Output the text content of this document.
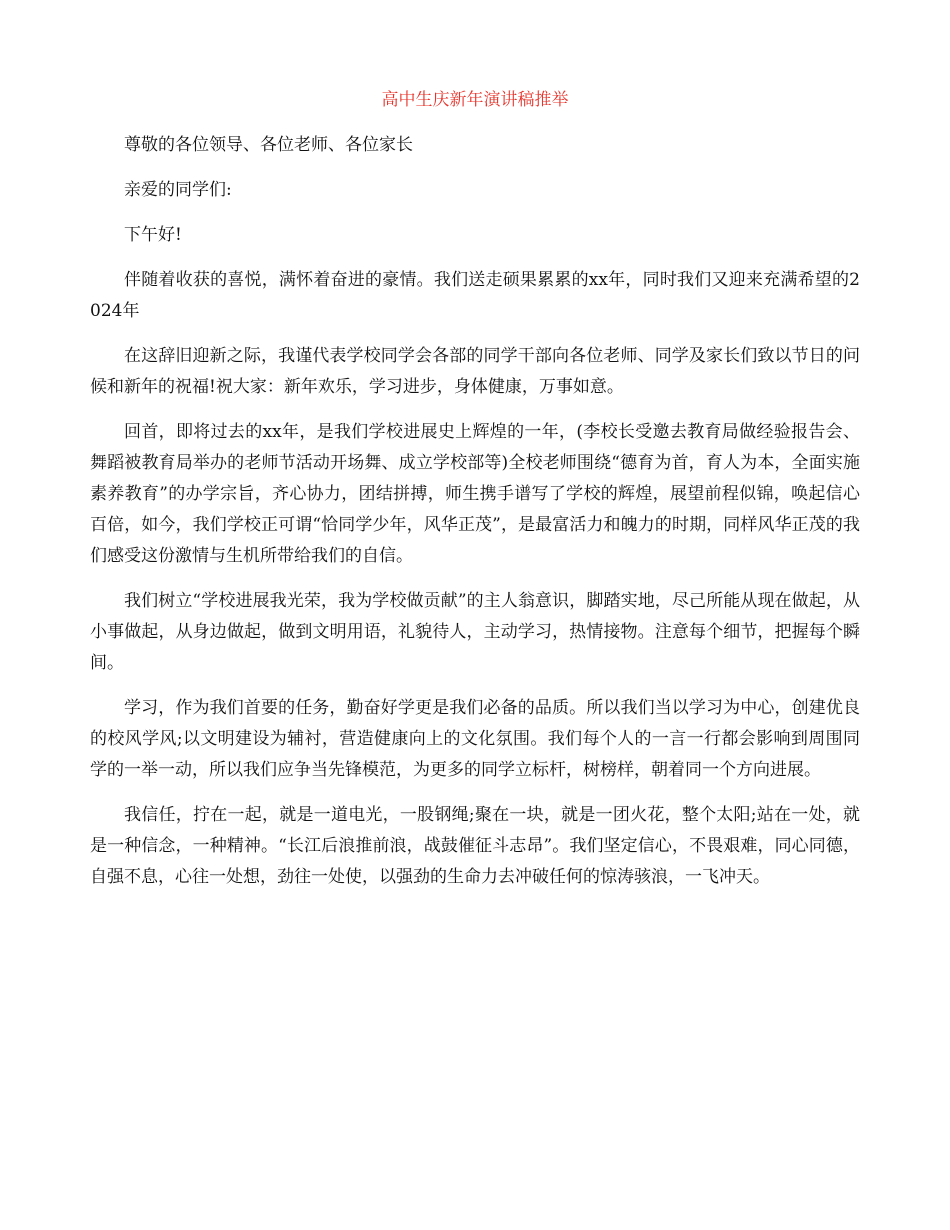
高中生庆新年演讲稿推举

尊敬的各位领导、各位老师、各位家长

亲爱的同学们:

下午好!

伴随着收获的喜悦，满怀着奋进的豪情。我们送走硕果累累的xx年，同时我们又迎来充满希望的2024年

在这辞旧迎新之际，我谨代表学校同学会各部的同学干部向各位老师、同学及家长们致以节日的问候和新年的祝福!祝大家：新年欢乐，学习进步，身体健康，万事如意。

回首，即将过去的xx年，是我们学校进展史上辉煌的一年，(李校长受邀去教育局做经验报告会、舞蹈被教育局举办的老师节活动开场舞、成立学校部等)全校老师围绕“德育为首，育人为本，全面实施素养教育”的办学宗旨，齐心协力，团结拼搏，师生携手谱写了学校的辉煌，展望前程似锦，唤起信心百倍，如今，我们学校正可谓“恰同学少年，风华正茂”，是最富活力和魄力的时期，同样风华正茂的我们感受这份激情与生机所带给我们的自信。

我们树立“学校进展我光荣，我为学校做贡献”的主人翁意识，脚踏实地，尽己所能从现在做起，从小事做起，从身边做起，做到文明用语，礼貌待人，主动学习，热情接物。注意每个细节，把握每个瞬间。

学习，作为我们首要的任务，勤奋好学更是我们必备的品质。所以我们当以学习为中心，创建优良的校风学风;以文明建设为辅衬，营造健康向上的文化氛围。我们每个人的一言一行都会影响到周围同学的一举一动，所以我们应争当先锋模范，为更多的同学立标杆，树榜样，朝着同一个方向进展。

我信任，拧在一起，就是一道电光，一股钢绳;聚在一块，就是一团火花，整个太阳;站在一处，就是一种信念，一种精神。“长江后浪推前浪，战鼓催征斗志昂”。我们坚定信心，不畏艰难，同心同德，自强不息，心往一处想，劲往一处使，以强劲的生命力去冲破任何的惊涛骇浪，一飞冲天。
